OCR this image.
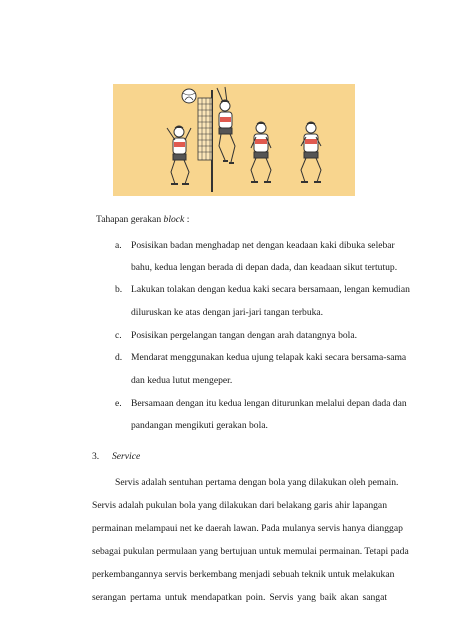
Tahapan gerakan block :
a. Posisikan badan menghadap net dengan keadaan kaki dibuka selebar
bahu, kedua lengan berada di depan dada, dan keadaan sikut tertutup.
b. Lakukan tolakan dengan kedua kaki secara bersamaan, lengan kemudian
diluruskan ke atas dengan jari-jari tangan terbuka.
c. Posisikan pergelangan tangan dengan arah datangnya bola.
d. Mendarat menggunakan kedua ujung telapak kaki secara bersama-sama
dan kedua lutut mengeper.
e. Bersamaan dengan itu kedua lengan diturunkan melalui depan dada dan
pandangan mengikuti gerakan bola.
3. Service
Servis adalah sentuhan pertama dengan bola yang dilakukan oleh pemain.
Servis adalah pukulan bola yang dilakukan dari belakang garis ahir lapangan
permainan melampaui net ke daerah lawan. Pada mulanya servis hanya dianggap
sebagai pukulan permulaan yang bertujuan untuk memulai permainan. Tetapi pada
perkembangannya servis berkembang menjadi sebuah teknik untuk melakukan
serangan pertama untuk mendapatkan poin. Servis yang baik akan sangat
